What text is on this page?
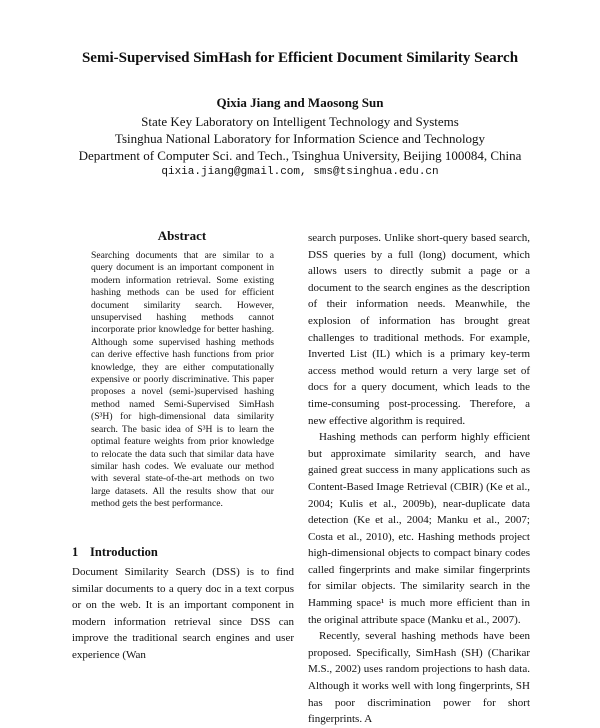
Semi-Supervised SimHash for Efficient Document Similarity Search
Qixia Jiang and Maosong Sun
State Key Laboratory on Intelligent Technology and Systems
Tsinghua National Laboratory for Information Science and Technology
Department of Computer Sci. and Tech., Tsinghua University, Beijing 100084, China
qixia.jiang@gmail.com, sms@tsinghua.edu.cn
Abstract
Searching documents that are similar to a query document is an important component in modern information retrieval. Some existing hashing methods can be used for efficient document similarity search. However, unsupervised hashing methods cannot incorporate prior knowledge for better hashing. Although some supervised hashing methods can derive effective hash functions from prior knowledge, they are either computationally expensive or poorly discriminative. This paper proposes a novel (semi-)supervised hashing method named Semi-Supervised SimHash (S³H) for high-dimensional data similarity search. The basic idea of S³H is to learn the optimal feature weights from prior knowledge to relocate the data such that similar data have similar hash codes. We evaluate our method with several state-of-the-art methods on two large datasets. All the results show that our method gets the best performance.
1 Introduction
Document Similarity Search (DSS) is to find similar documents to a query doc in a text corpus or on the web. It is an important component in modern information retrieval since DSS can improve the traditional search engines and user experience (Wan

search purposes. Unlike short-query based search, DSS queries by a full (long) document, which allows users to directly submit a page or a document to the search engines as the description of their information needs. Meanwhile, the explosion of information has brought great challenges to traditional methods. For example, Inverted List (IL) which is a primary key-term access method would return a very large set of docs for a query document, which leads to the time-consuming post-processing. Therefore, a new effective algorithm is required.

Hashing methods can perform highly efficient but approximate similarity search, and have gained great success in many applications such as Content-Based Image Retrieval (CBIR) (Ke et al., 2004; Kulis et al., 2009b), near-duplicate data detection (Ke et al., 2004; Manku et al., 2007; Costa et al., 2010), etc. Hashing methods project high-dimensional objects to compact binary codes called fingerprints and make similar fingerprints for similar objects. The similarity search in the Hamming space¹ is much more efficient than in the original attribute space (Manku et al., 2007).

Recently, several hashing methods have been proposed. Specifically, SimHash (SH) (Charikar M.S., 2002) uses random projections to hash data. Although it works well with long fingerprints, SH has poor discrimination power for short fingerprints. A
